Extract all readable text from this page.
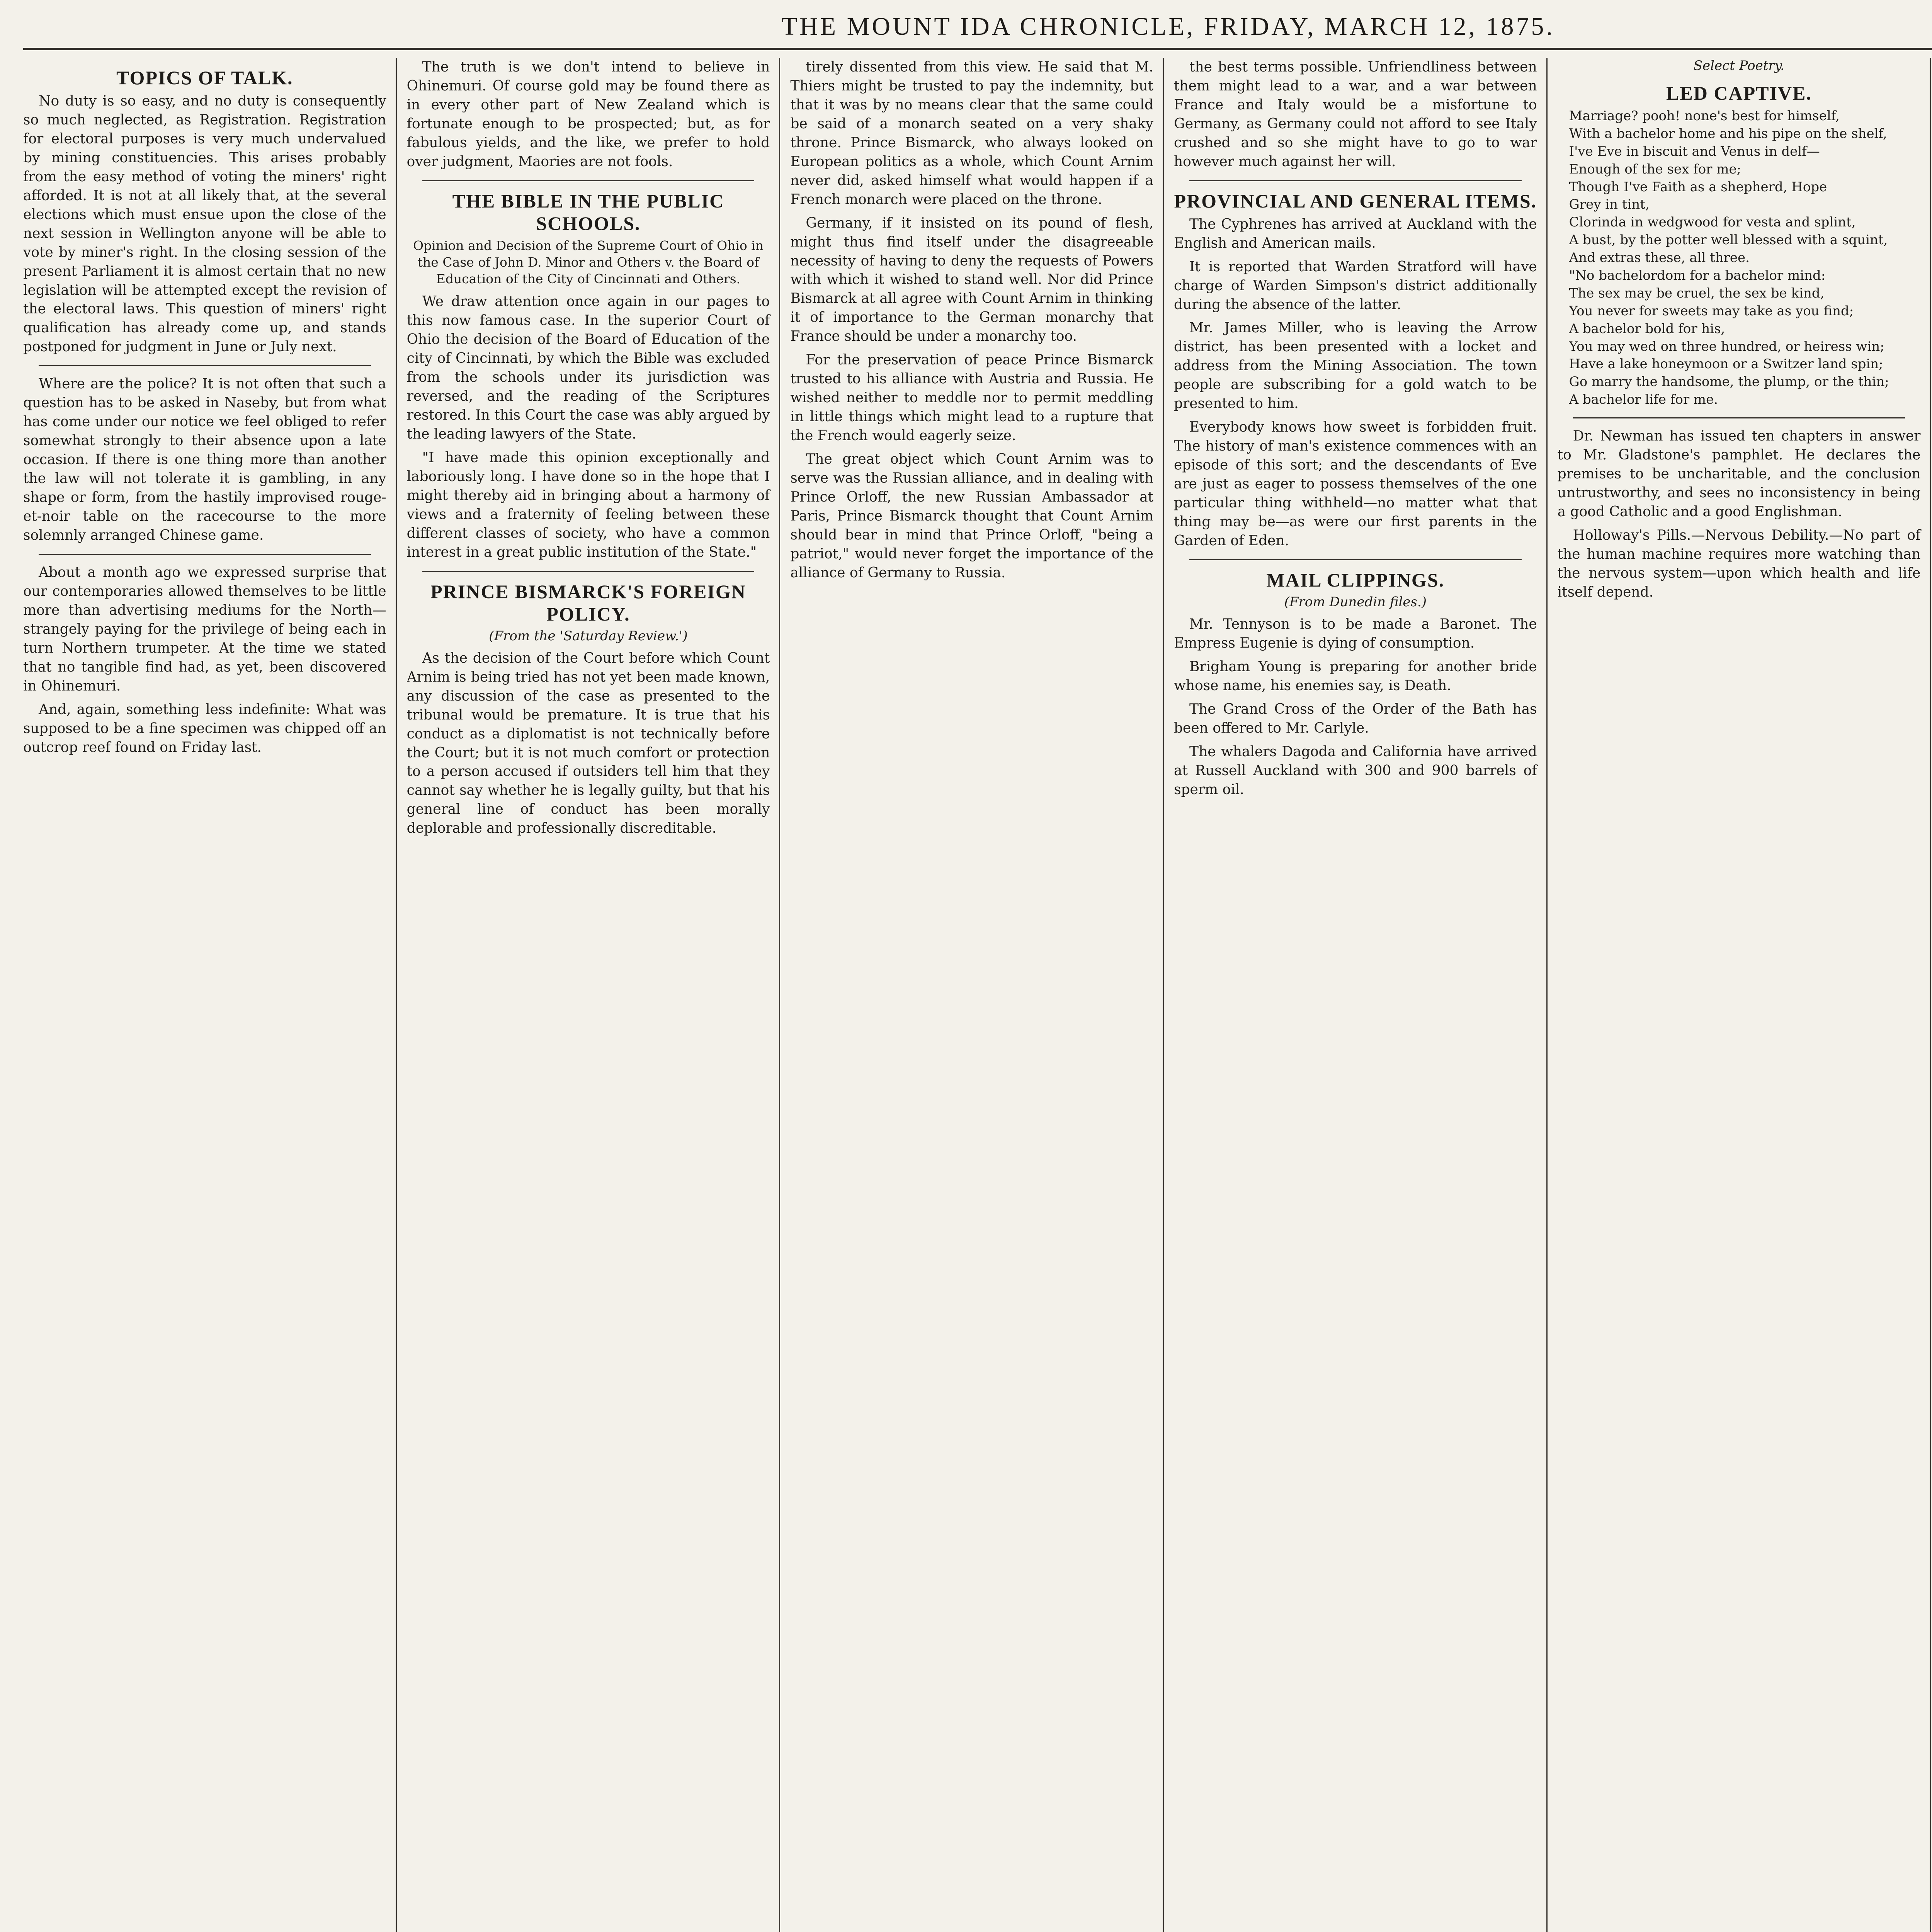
THE MOUNT IDA CHRONICLE, FRIDAY, MARCH 12, 1875.
TOPICS OF TALK.

No duty is so easy, and no duty is consequently so much neglected, as Registration. Registration for electoral purposes is very much undervalued by mining constituencies. This arises probably from the easy method of voting the miners' right afforded. It is not at all likely that, at the several elections which must ensue upon the close of the next session in Wellington anyone will be able to vote by miner's right. In the closing session of the present Parliament it is almost certain that no new legislation will be attempted except the revision of the electoral laws. This question of miners' right qualification has already come up, and stands postponed for judgment in June or July next.

Where are the police? It is not often that such a question has to be asked in Naseby, but from what has come under our notice we feel obliged to refer somewhat strongly to their absence upon a late occasion. If there is one thing more than another the law will not tolerate it is gambling, in any shape or form, from the hastily improvised rouge-et-noir table on the racecourse to the more solemnly arranged Chinese game.

About a month ago we expressed surprise that our contemporaries allowed themselves to be little more than advertising mediums for the North—strangely paying for the privilege of being each in turn Northern trumpeter. At the time we stated that no tangible find had, as yet, been discovered in Ohinemuri.

And, again, something less indefinite: What was supposed to be a fine specimen was chipped off an outcrop reef found on Friday last.

The truth is we don't intend to believe in Ohinemuri. Of course gold may be found there as in every other part of New Zealand which is fortunate enough to be prospected; but, as for fabulous yields, and the like, we prefer to hold over judgment, Maories are not fools.

THE BIBLE IN THE PUBLIC SCHOOLS.
Opinion and Decision of the Supreme Court of Ohio in the Case of John D. Minor and Others v. the Board of Education of the City of Cincinnati and Others.

We draw attention once again in our pages to this now famous case. In the superior Court of Ohio the decision of the Board of Education of the city of Cincinnati, by which the Bible was excluded from the schools under its jurisdiction was reversed, and the reading of the Scriptures restored. In this Court the case was ably argued by the leading lawyers of the State.

"I have made this opinion exceptionally and laboriously long. I have done so in the hope that I might thereby aid in bringing about a harmony of views and a fraternity of feeling between these different classes of society, who have a common interest in a great public institution of the State."

PRINCE BISMARCK'S FOREIGN POLICY.
(From the 'Saturday Review.')

As the decision of the Court before which Count Arnim is being tried has not yet been made known, any discussion of the case as presented to the tribunal would be premature. It is true that his conduct as a diplomatist is not technically before the Court; but it is not much comfort or protection to a person accused if outsiders tell him that they cannot say whether he is legally guilty, but that his general line of conduct has been morally deplorable and professionally discreditable.

tirely dissented from this view. He said that M. Thiers might be trusted to pay the indemnity, but that it was by no means clear that the same could be said of a monarch seated on a very shaky throne. Prince Bismarck, who always looked on European politics as a whole, which Count Arnim never did, asked himself what would happen if a French monarch were placed on the throne.

Germany, if it insisted on its pound of flesh, might thus find itself under the disagreeable necessity of having to deny the requests of Powers with which it wished to stand well. Nor did Prince Bismarck at all agree with Count Arnim in thinking it of importance to the German monarchy that France should be under a monarchy too.

For the preservation of peace Prince Bismarck trusted to his alliance with Austria and Russia. He wished neither to meddle nor to permit meddling in little things which might lead to a rupture that the French would eagerly seize.

The great object which Count Arnim was to serve was the Russian alliance, and in dealing with Prince Orloff, the new Russian Ambassador at Paris, Prince Bismarck thought that Count Arnim should bear in mind that Prince Orloff, "being a patriot," would never forget the importance of the alliance of Germany to Russia.

the best terms possible. Unfriendliness between them might lead to a war, and a war between France and Italy would be a misfortune to Germany, as Germany could not afford to see Italy crushed and so she might have to go to war however much against her will.

PROVINCIAL AND GENERAL ITEMS.

The Cyphrenes has arrived at Auckland with the English and American mails.

It is reported that Warden Stratford will have charge of Warden Simpson's district additionally during the absence of the latter.

Mr. James Miller, who is leaving the Arrow district, has been presented with a locket and address from the Mining Association. The town people are subscribing for a gold watch to be presented to him.

Everybody knows how sweet is forbidden fruit. The history of man's existence commences with an episode of this sort; and the descendants of Eve are just as eager to possess themselves of the one particular thing withheld—no matter what that thing may be—as were our first parents in the Garden of Eden.

MAIL CLIPPINGS.
(From Dunedin files.)

Mr. Tennyson is to be made a Baronet. The Empress Eugenie is dying of consumption.

Brigham Young is preparing for another bride whose name, his enemies say, is Death.

The Grand Cross of the Order of the Bath has been offered to Mr. Carlyle.

The whalers Dagoda and California have arrived at Russell Auckland with 300 and 900 barrels of sperm oil.

Select Poetry.
LED CAPTIVE.
Marriage? pooh! none's best for himself,
With a bachelor home and his pipe on the shelf,
I've Eve in biscuit and Venus in delf—
Enough of the sex for me;
Though I've Faith as a shepherd, Hope
Grey in tint,
Clorinda in wedgwood for vesta and splint,
A bust, by the potter well blessed with a squint,
And extras these, all three.
"No bachelordom for a bachelor mind:
The sex may be cruel, the sex be kind,
You never for sweets may take as you find;
A bachelor bold for his,
You may wed on three hundred, or heiress win;
Have a lake honeymoon or a Switzer land spin;
Go marry the handsome, the plump, or the thin;
A bachelor life for me.

Dr. Newman has issued ten chapters in answer to Mr. Gladstone's pamphlet. He declares the premises to be uncharitable, and the conclusion untrustworthy, and sees no inconsistency in being a good Catholic and a good Englishman.

Holloway's Pills.—Nervous Debility.—No part of the human machine requires more watching than the nervous system—upon which health and life itself depend.
